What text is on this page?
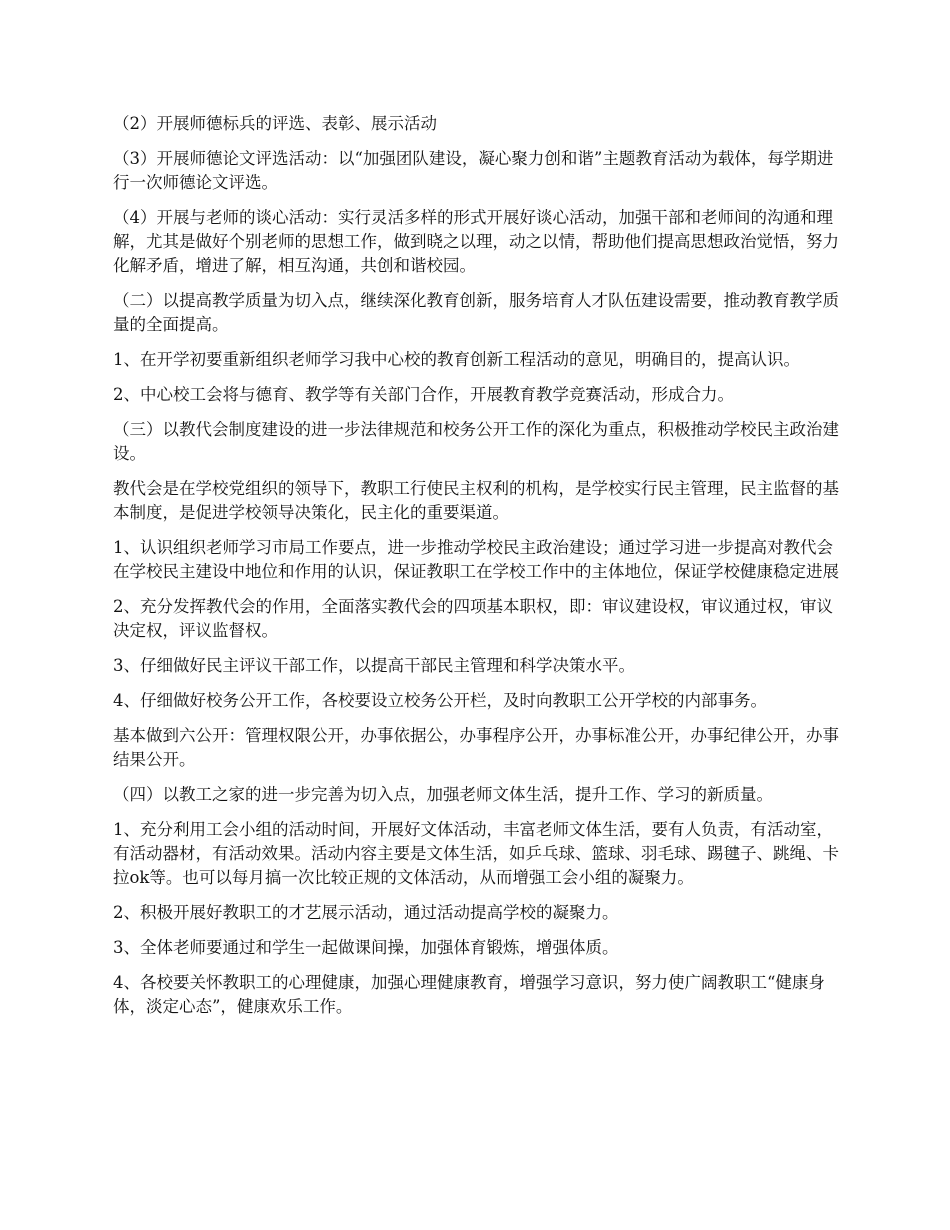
（2）开展师德标兵的评选、表彰、展示活动

（3）开展师德论文评选活动：以“加强团队建设，凝心聚力创和谐”主题教育活动为载体，每学期进行一次师德论文评选。

（4）开展与老师的谈心活动：实行灵活多样的形式开展好谈心活动，加强干部和老师间的沟通和理解，尤其是做好个别老师的思想工作，做到晓之以理，动之以情，帮助他们提高思想政治觉悟，努力化解矛盾，增进了解，相互沟通，共创和谐校园。

（二）以提高教学质量为切入点，继续深化教育创新，服务培育人才队伍建设需要，推动教育教学质量的全面提高。

1、在开学初要重新组织老师学习我中心校的教育创新工程活动的意见，明确目的，提高认识。

2、中心校工会将与德育、教学等有关部门合作，开展教育教学竞赛活动，形成合力。

（三）以教代会制度建设的进一步法律规范和校务公开工作的深化为重点，积极推动学校民主政治建设。

教代会是在学校党组织的领导下，教职工行使民主权利的机构，是学校实行民主管理，民主监督的基本制度，是促进学校领导决策化，民主化的重要渠道。

1、认识组织老师学习市局工作要点，进一步推动学校民主政治建设；通过学习进一步提高对教代会在学校民主建设中地位和作用的认识，保证教职工在学校工作中的主体地位，保证学校健康稳定进展

2、充分发挥教代会的作用，全面落实教代会的四项基本职权，即：审议建设权，审议通过权，审议决定权，评议监督权。

3、仔细做好民主评议干部工作，以提高干部民主管理和科学决策水平。

4、仔细做好校务公开工作，各校要设立校务公开栏，及时向教职工公开学校的内部事务。

基本做到六公开：管理权限公开，办事依据公，办事程序公开，办事标准公开，办事纪律公开，办事结果公开。

（四）以教工之家的进一步完善为切入点，加强老师文体生活，提升工作、学习的新质量。

1、充分利用工会小组的活动时间，开展好文体活动，丰富老师文体生活，要有人负责，有活动室，有活动器材，有活动效果。活动内容主要是文体生活，如乒乓球、篮球、羽毛球、踢毽子、跳绳、卡拉ok等。也可以每月搞一次比较正规的文体活动，从而增强工会小组的凝聚力。

2、积极开展好教职工的才艺展示活动，通过活动提高学校的凝聚力。

3、全体老师要通过和学生一起做课间操，加强体育锻炼，增强体质。

4、各校要关怀教职工的心理健康，加强心理健康教育，增强学习意识，努力使广阔教职工“健康身体，淡定心态”，健康欢乐工作。
